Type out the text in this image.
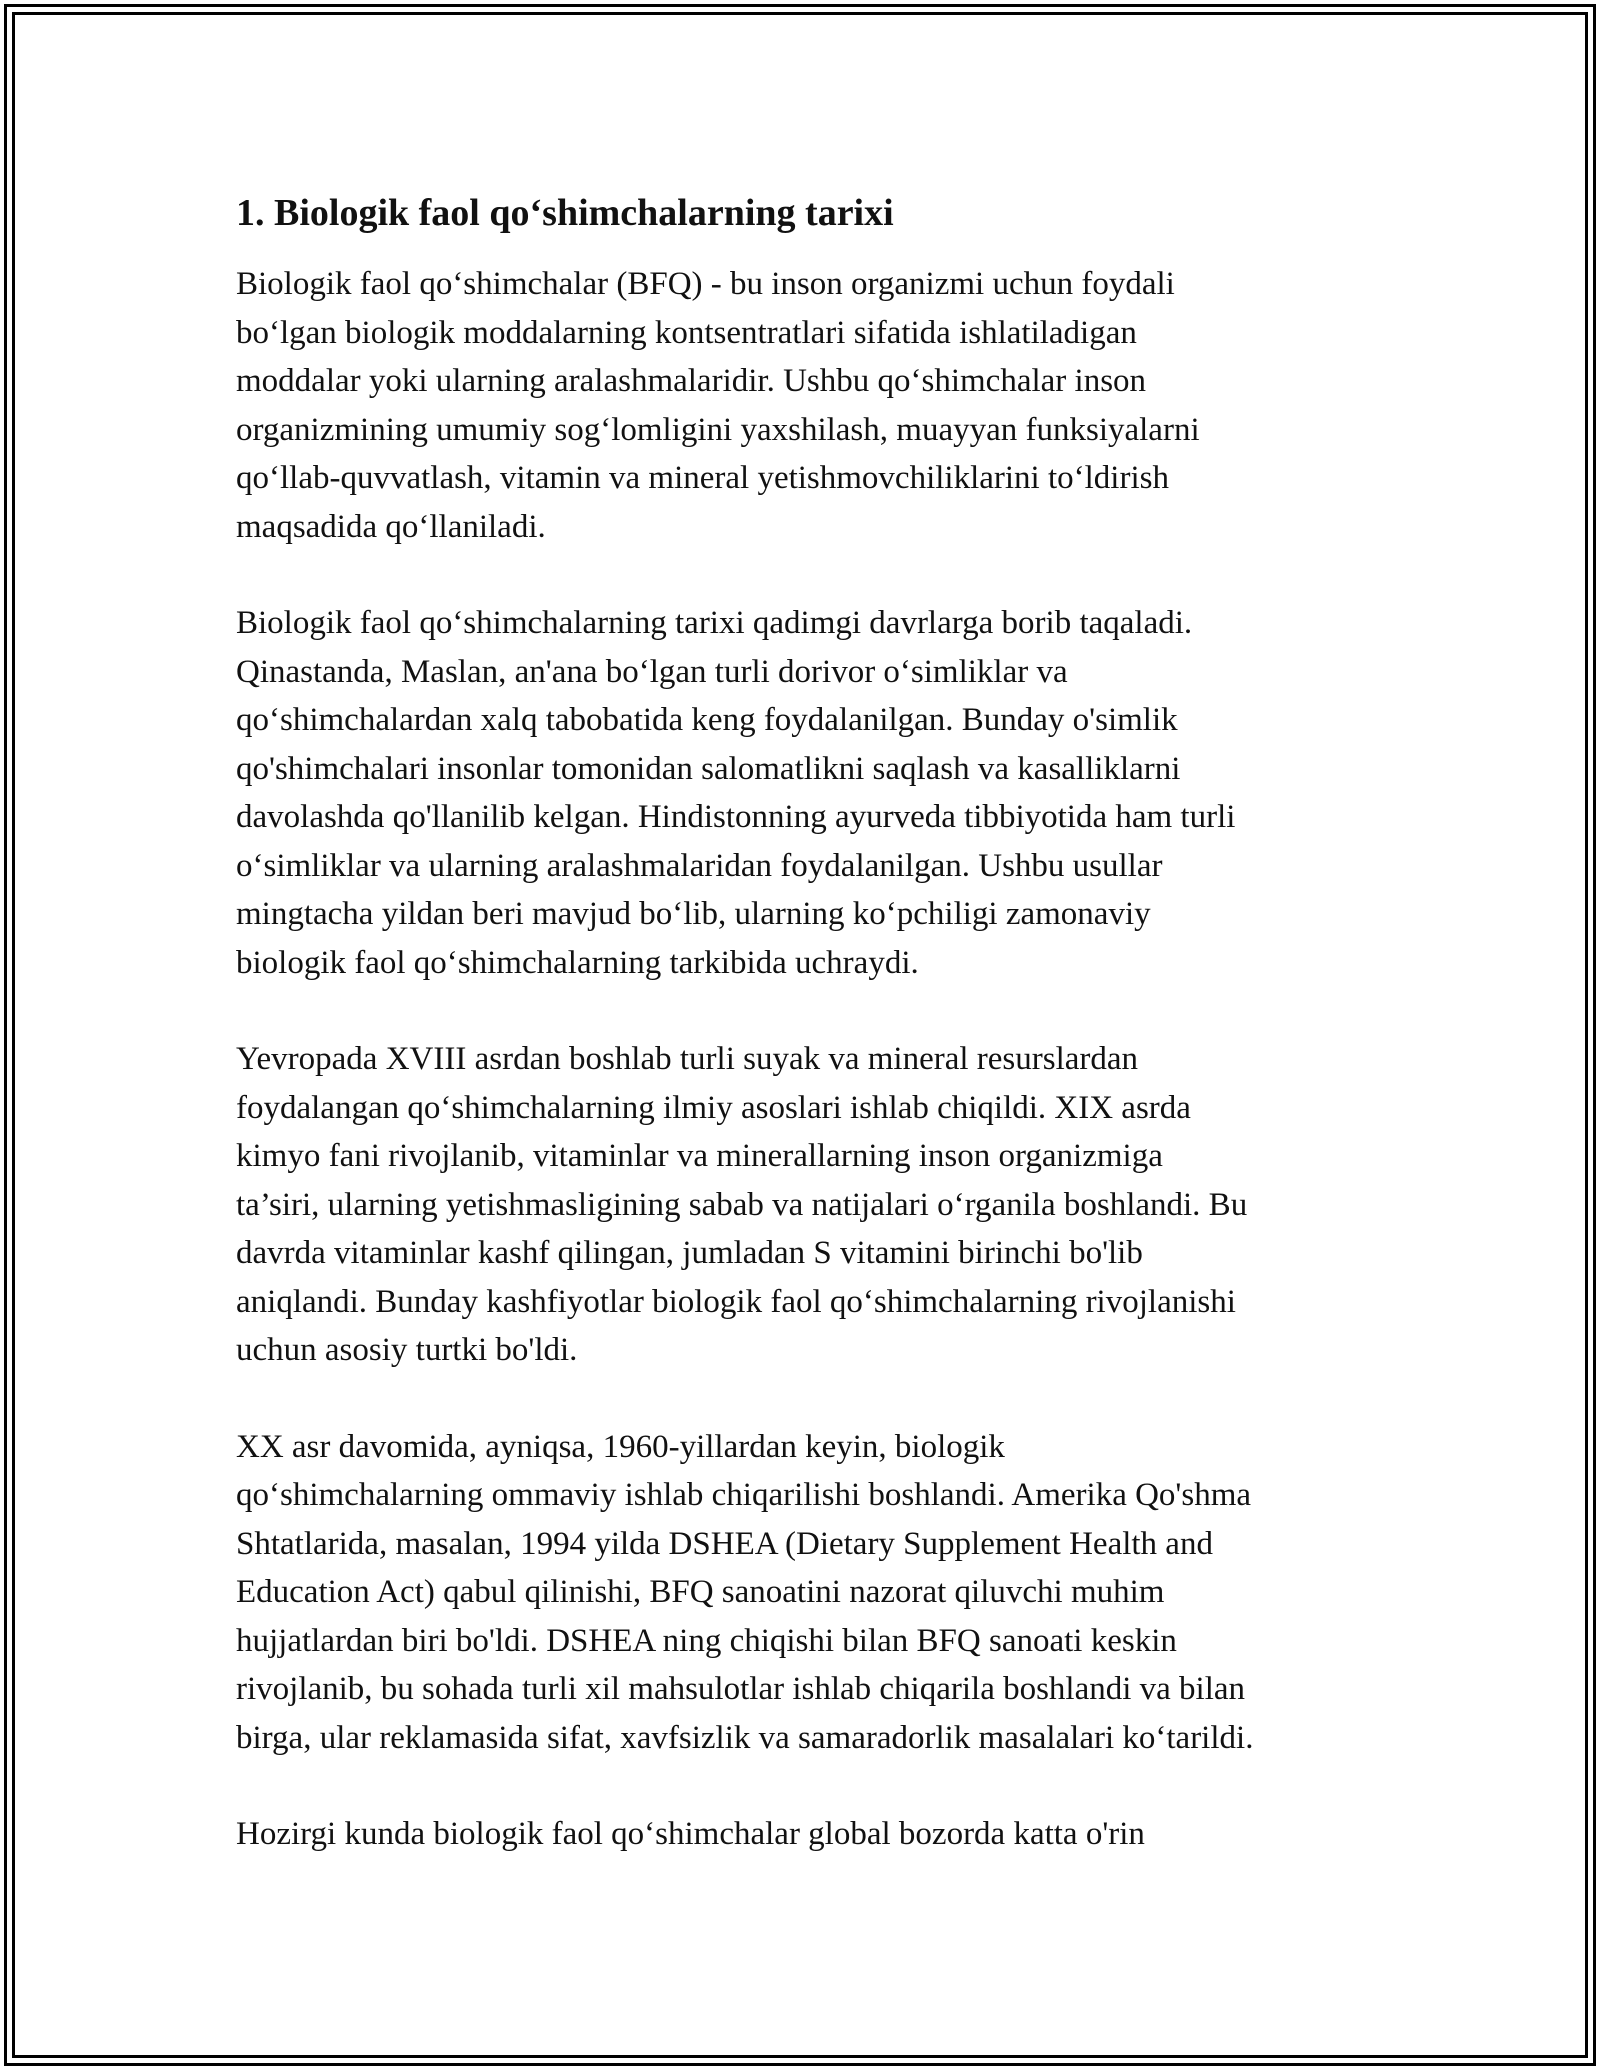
1. Biologik faol qo‘shimchalarning tarixi
Biologik faol qo‘shimchalar (BFQ) - bu inson organizmi uchun foydali
bo‘lgan biologik moddalarning kontsentratlari sifatida ishlatiladigan
moddalar yoki ularning aralashmalaridir. Ushbu qo‘shimchalar inson
organizmining umumiy sog‘lomligini yaxshilash, muayyan funksiyalarni
qo‘llab-quvvatlash, vitamin va mineral yetishmovchiliklarini to‘ldirish
maqsadida qo‘llaniladi.
Biologik faol qo‘shimchalarning tarixi qadimgi davrlarga borib taqaladi.
Qinastanda, Maslan, an'ana bo‘lgan turli dorivor o‘simliklar va
qo‘shimchalardan xalq tabobatida keng foydalanilgan. Bunday o'simlik
qo'shimchalari insonlar tomonidan salomatlikni saqlash va kasalliklarni
davolashda qo'llanilib kelgan. Hindistonning ayurveda tibbiyotida ham turli
o‘simliklar va ularning aralashmalaridan foydalanilgan. Ushbu usullar
mingtacha yildan beri mavjud bo‘lib, ularning ko‘pchiligi zamonaviy
biologik faol qo‘shimchalarning tarkibida uchraydi.
Yevropada XVIII asrdan boshlab turli suyak va mineral resurslardan
foydalangan qo‘shimchalarning ilmiy asoslari ishlab chiqildi. XIX asrda
kimyo fani rivojlanib, vitaminlar va minerallarning inson organizmiga
ta’siri, ularning yetishmasligining sabab va natijalari o‘rganila boshlandi. Bu
davrda vitaminlar kashf qilingan, jumladan S vitamini birinchi bo'lib
aniqlandi. Bunday kashfiyotlar biologik faol qo‘shimchalarning rivojlanishi
uchun asosiy turtki bo'ldi.
XX asr davomida, ayniqsa, 1960-yillardan keyin, biologik
qo‘shimchalarning ommaviy ishlab chiqarilishi boshlandi. Amerika Qo'shma
Shtatlarida, masalan, 1994 yilda DSHEA (Dietary Supplement Health and
Education Act) qabul qilinishi, BFQ sanoatini nazorat qiluvchi muhim
hujjatlardan biri bo'ldi. DSHEA ning chiqishi bilan BFQ sanoati keskin
rivojlanib, bu sohada turli xil mahsulotlar ishlab chiqarila boshlandi va bilan
birga, ular reklamasida sifat, xavfsizlik va samaradorlik masalalari ko‘tarildi.
Hozirgi kunda biologik faol qo‘shimchalar global bozorda katta o'rin
